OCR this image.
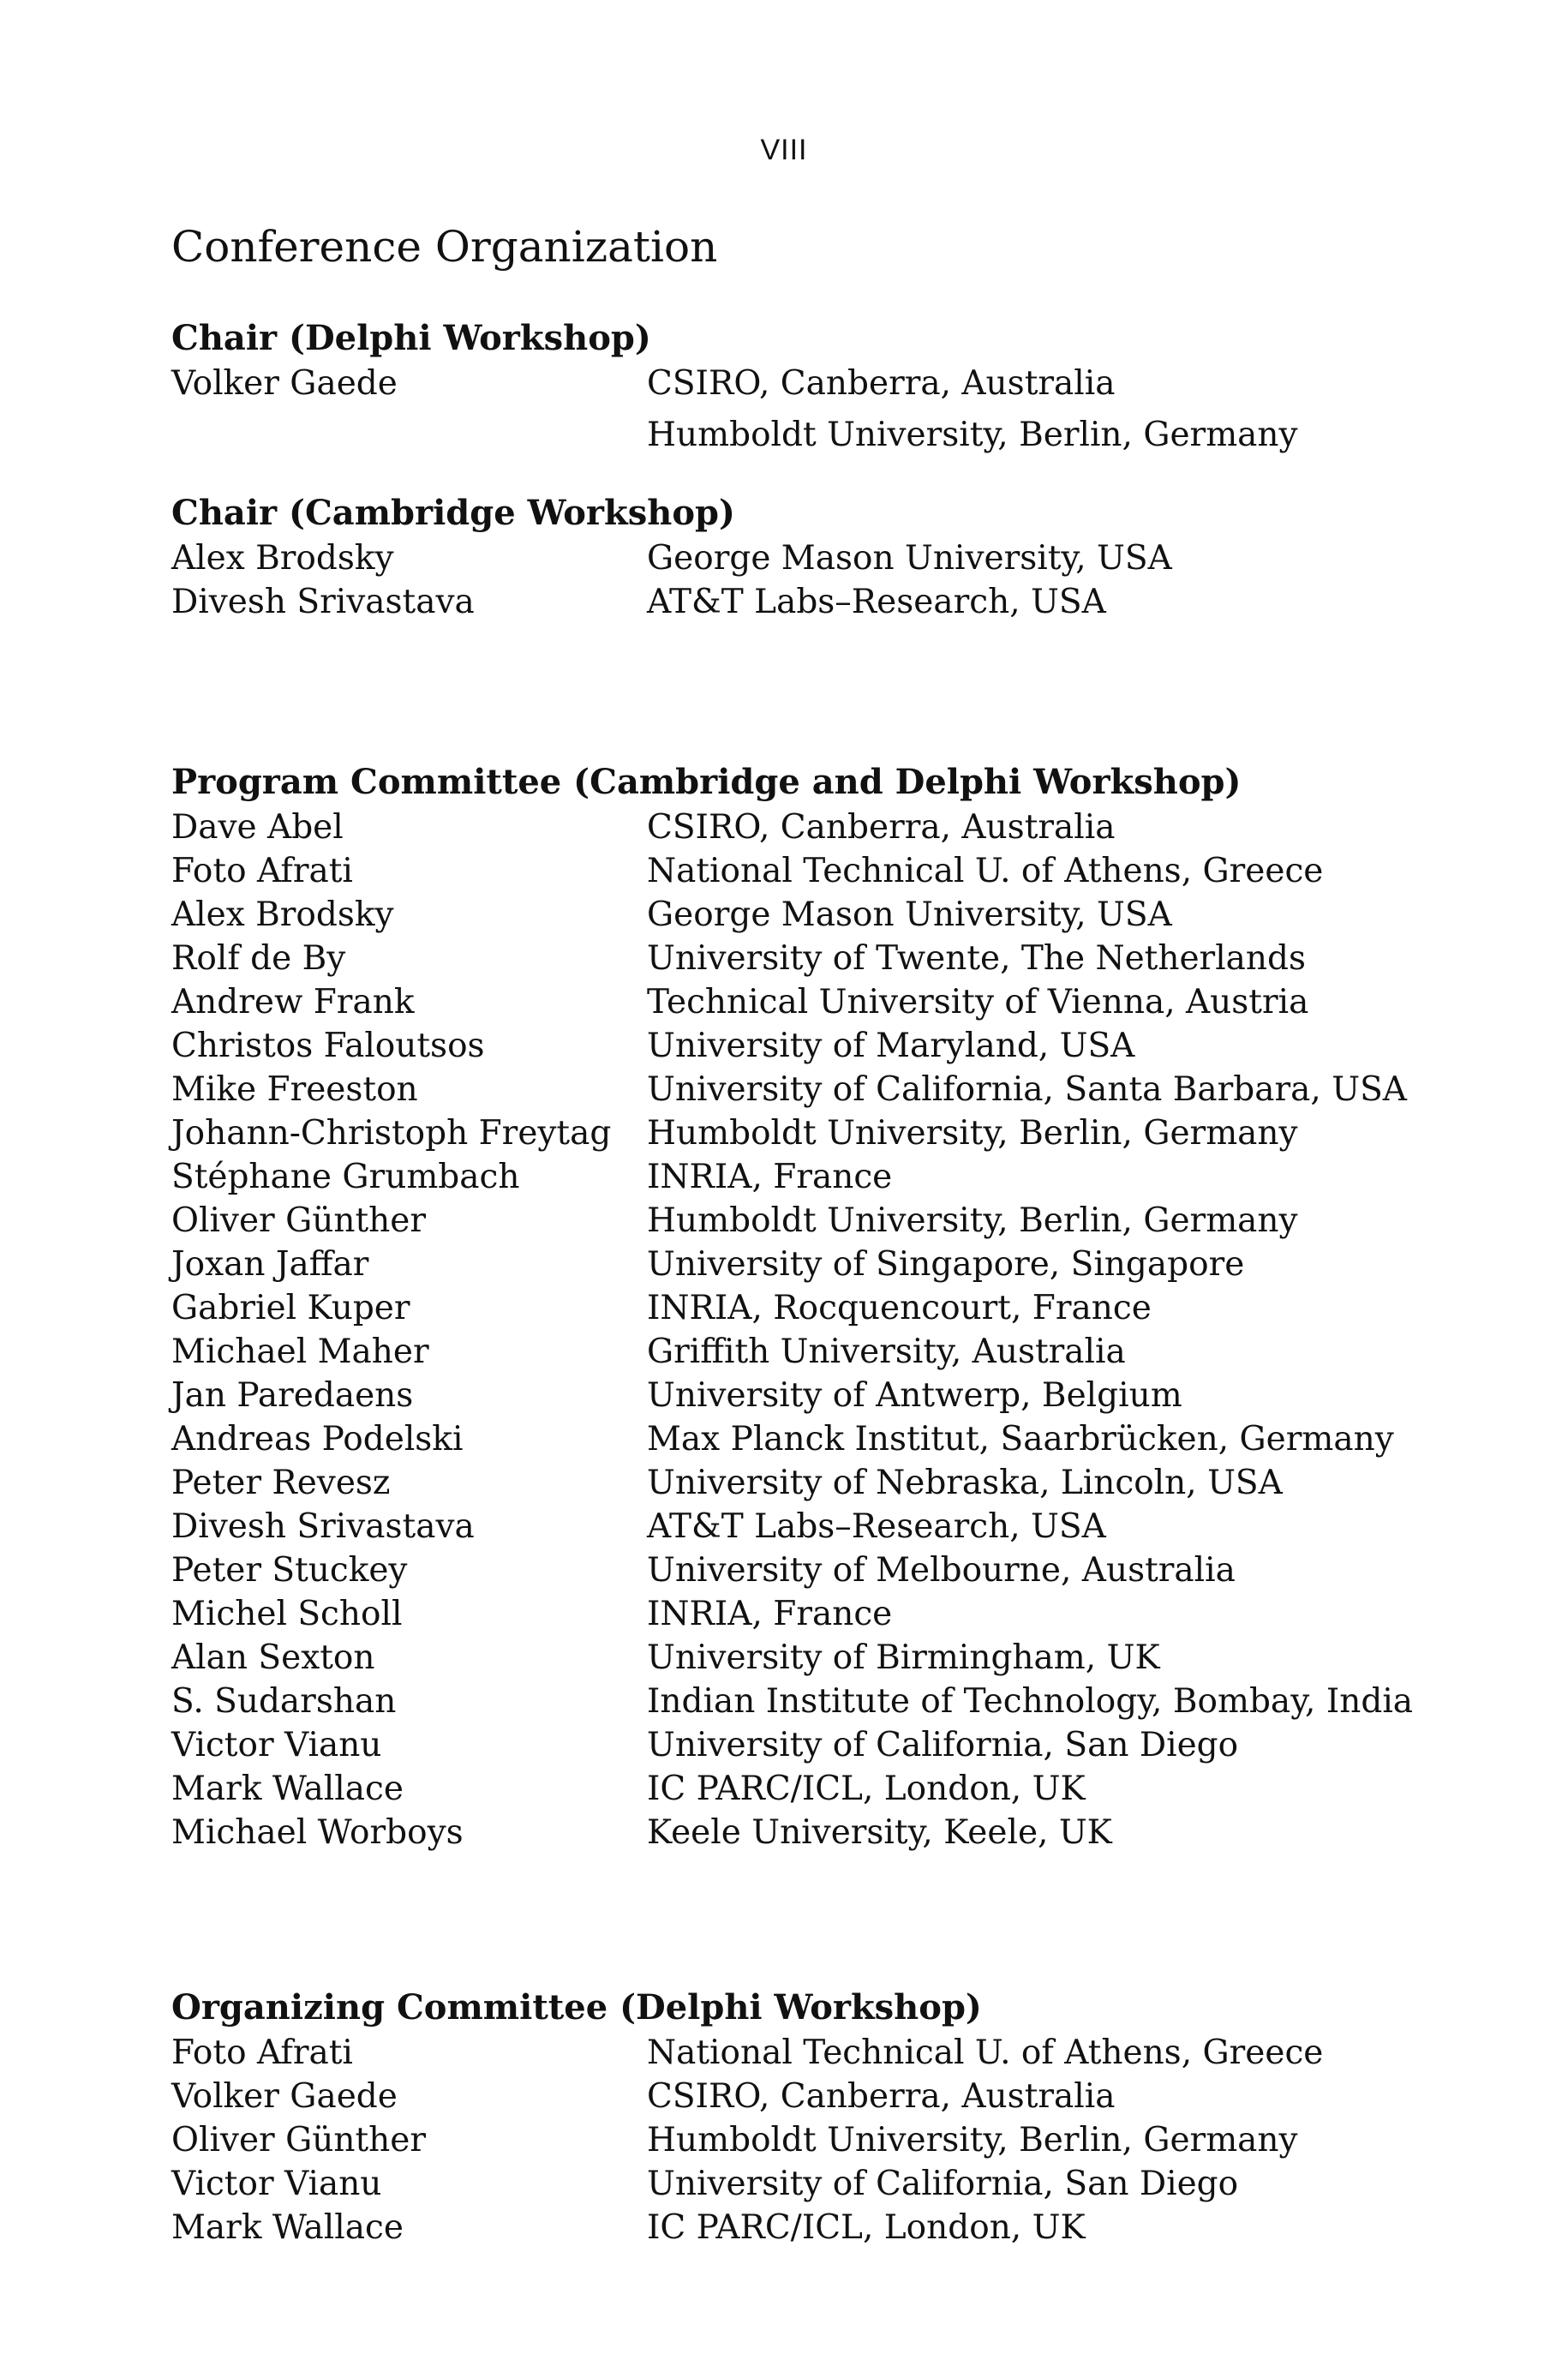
VIII
Conference Organization
Chair (Delphi Workshop)
Volker Gaede	CSIRO, Canberra, Australia
Humboldt University, Berlin, Germany
Chair (Cambridge Workshop)
Alex Brodsky	George Mason University, USA
Divesh Srivastava	AT&T Labs–Research, USA
Program Committee (Cambridge and Delphi Workshop)
Dave Abel	CSIRO, Canberra, Australia
Foto Afrati	National Technical U. of Athens, Greece
Alex Brodsky	George Mason University, USA
Rolf de By	University of Twente, The Netherlands
Andrew Frank	Technical University of Vienna, Austria
Christos Faloutsos	University of Maryland, USA
Mike Freeston	University of California, Santa Barbara, USA
Johann-Christoph Freytag	Humboldt University, Berlin, Germany
Stéphane Grumbach	INRIA, France
Oliver Günther	Humboldt University, Berlin, Germany
Joxan Jaffar	University of Singapore, Singapore
Gabriel Kuper	INRIA, Rocquencourt, France
Michael Maher	Griffith University, Australia
Jan Paredaens	University of Antwerp, Belgium
Andreas Podelski	Max Planck Institut, Saarbrücken, Germany
Peter Revesz	University of Nebraska, Lincoln, USA
Divesh Srivastava	AT&T Labs–Research, USA
Peter Stuckey	University of Melbourne, Australia
Michel Scholl	INRIA, France
Alan Sexton	University of Birmingham, UK
S. Sudarshan	Indian Institute of Technology, Bombay, India
Victor Vianu	University of California, San Diego
Mark Wallace	IC PARC/ICL, London, UK
Michael Worboys	Keele University, Keele, UK
Organizing Committee (Delphi Workshop)
Foto Afrati	National Technical U. of Athens, Greece
Volker Gaede	CSIRO, Canberra, Australia
Oliver Günther	Humboldt University, Berlin, Germany
Victor Vianu	University of California, San Diego
Mark Wallace	IC PARC/ICL, London, UK
